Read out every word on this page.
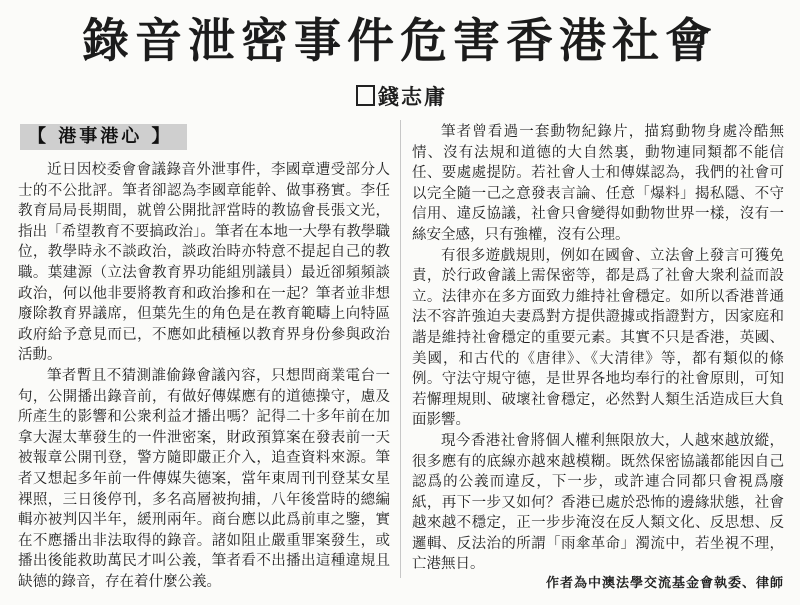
錄音泄密事件危害香港社會
錢志庸
【 港事港心 】

近日因校委會會議錄音外泄事件，李國章遭受部分人士的不公批評。筆者卻認為李國章能幹、做事務實。李任教育局局長期間，就曾公開批評當時的教協會長張文光，指出「希望教育不要搞政治」。筆者在本地一大學有教學職位，教學時永不談政治，談政治時亦特意不提起自己的教職。葉建源（立法會教育界功能組別議員）最近卻頻頻談政治，何以他非要將教育和政治摻和在一起？筆者並非想廢除教育界議席，但葉先生的角色是在教育範疇上向特區政府給予意見而已，不應如此積極以教育界身份參與政治活動。

筆者暫且不猜測誰偷錄會議內容，只想問商業電台一句，公開播出錄音前，有做好傳媒應有的道德操守，慮及所產生的影響和公衆利益才播出嗎？記得二十多年前在加拿大渥太華發生的一件泄密案，財政預算案在發表前一天被報章公開刊登，警方隨即嚴正介入，追查資料來源。筆者又想起多年前一件傳媒失德案，當年東周刊刊登某女星裸照，三日後停刊，多名高層被拘捕，八年後當時的總編輯亦被判囚半年，緩刑兩年。商台應以此爲前車之鑒，實在不應播出非法取得的錄音。諸如阻止嚴重罪案發生，或播出後能救助萬民才叫公義，筆者看不出播出這種違規且缺德的錄音，存在着什麼公義。

筆者曾看過一套動物紀錄片，描寫動物身處冷酷無情、沒有法規和道德的大自然裏，動物連同類都不能信任、要處處提防。若社會人士和傳媒認為，我們的社會可以完全隨一己之意發表言論、任意「爆料」揭私隱、不守信用、違反協議，社會只會變得如動物世界一樣，沒有一絲安全感，只有強權，沒有公理。

有很多遊戲規則，例如在國會、立法會上發言可獲免責，於行政會議上需保密等，都是爲了社會大衆利益而設立。法律亦在多方面致力維持社會穩定。如所以香港普通法不容許強迫夫妻爲對方提供證據或指證對方，因家庭和諧是維持社會穩定的重要元素。其實不只是香港，英國、美國，和古代的《唐律》、《大清律》等，都有類似的條例。守法守規守德，是世界各地均奉行的社會原則，可知若懈理規則、破壞社會穩定，必然對人類生活造成巨大負面影響。

現今香港社會將個人權利無限放大，人越來越放縱，很多應有的底線亦越來越模糊。既然保密協議都能因自己認爲的公義而違反，下一步，或許連合同都只會視爲廢紙，再下一步又如何？香港已處於恐怖的邊緣狀態，社會越來越不穩定，正一步步淹沒在反人類文化、反思想、反邏輯、反法治的所謂「雨傘革命」濁流中，若坐視不理，亡港無日。

作者為中澳法學交流基金會執委、律師
